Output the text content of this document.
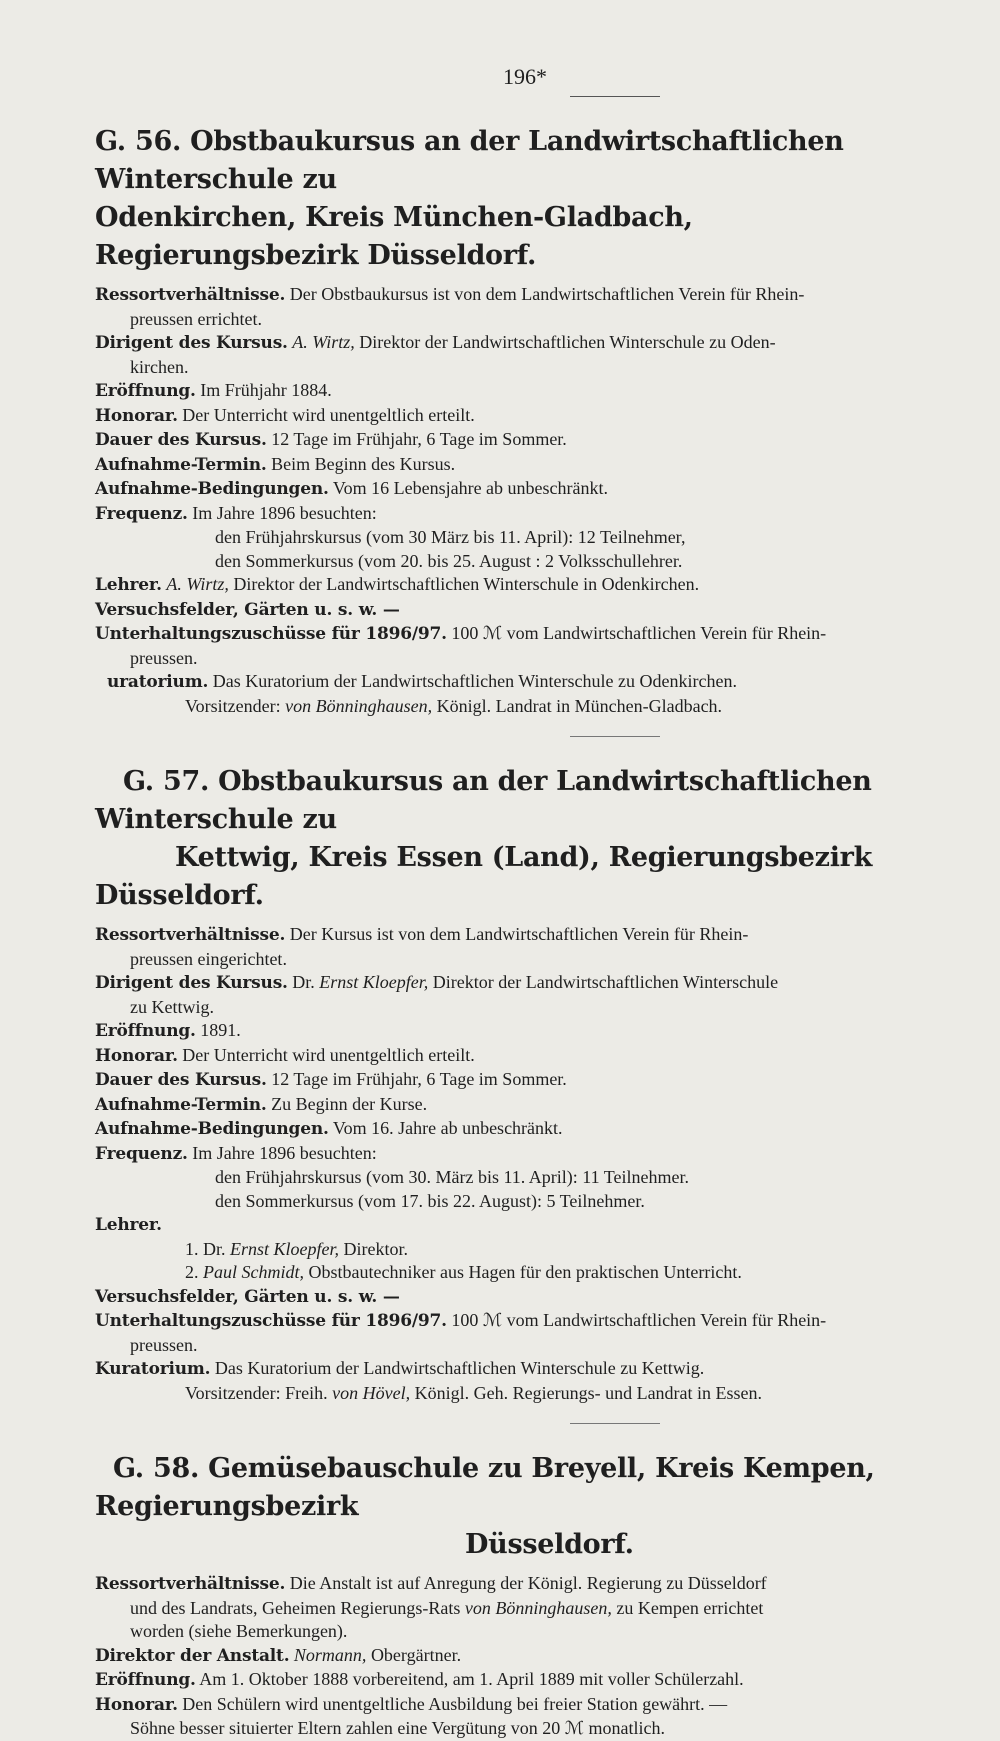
196*

G. 56. Obstbaukursus an der Landwirtschaftlichen Winterschule zu
Odenkirchen, Kreis München-Gladbach, Regierungsbezirk Düsseldorf.

Ressortverhältnisse. Der Obstbaukursus ist von dem Landwirtschaftlichen Verein für Rhein-
preussen errichtet.

Dirigent des Kursus. A. Wirtz, Direktor der Landwirtschaftlichen Winterschule zu Oden-
kirchen.

Eröffnung. Im Frühjahr 1884.

Honorar. Der Unterricht wird unentgeltlich erteilt.

Dauer des Kursus. 12 Tage im Frühjahr, 6 Tage im Sommer.

Aufnahme-Termin. Beim Beginn des Kursus.

Aufnahme-Bedingungen. Vom 16 Lebensjahre ab unbeschränkt.

Frequenz. Im Jahre 1896 besuchten:

den Frühjahrskursus (vom 30 März bis 11. April): 12 Teilnehmer,

den Sommerkursus (vom 20. bis 25. August : 2 Volksschullehrer.

Lehrer. A. Wirtz, Direktor der Landwirtschaftlichen Winterschule in Odenkirchen.

Versuchsfelder, Gärten u. s. w. —

Unterhaltungszuschüsse für 1896/97. 100 ℳ vom Landwirtschaftlichen Verein für Rhein-
preussen.

uratorium. Das Kuratorium der Landwirtschaftlichen Winterschule zu Odenkirchen.

Vorsitzender: von Bönninghausen, Königl. Landrat in München-Gladbach.

G. 57. Obstbaukursus an der Landwirtschaftlichen Winterschule zu
Kettwig, Kreis Essen (Land), Regierungsbezirk Düsseldorf.

Ressortverhältnisse. Der Kursus ist von dem Landwirtschaftlichen Verein für Rhein-
preussen eingerichtet.

Dirigent des Kursus. Dr. Ernst Kloepfer, Direktor der Landwirtschaftlichen Winterschule
zu Kettwig.

Eröffnung. 1891.

Honorar. Der Unterricht wird unentgeltlich erteilt.

Dauer des Kursus. 12 Tage im Frühjahr, 6 Tage im Sommer.

Aufnahme-Termin. Zu Beginn der Kurse.

Aufnahme-Bedingungen. Vom 16. Jahre ab unbeschränkt.

Frequenz. Im Jahre 1896 besuchten:

den Frühjahrskursus (vom 30. März bis 11. April): 11 Teilnehmer.

den Sommerkursus (vom 17. bis 22. August): 5 Teilnehmer.

Lehrer.

1. Dr. Ernst Kloepfer, Direktor.

2. Paul Schmidt, Obstbautechniker aus Hagen für den praktischen Unterricht.

Versuchsfelder, Gärten u. s. w. —

Unterhaltungszuschüsse für 1896/97. 100 ℳ vom Landwirtschaftlichen Verein für Rhein-
preussen.

Kuratorium. Das Kuratorium der Landwirtschaftlichen Winterschule zu Kettwig.

Vorsitzender: Freih. von Hövel, Königl. Geh. Regierungs- und Landrat in Essen.

G. 58. Gemüsebauschule zu Breyell, Kreis Kempen, Regierungsbezirk
Düsseldorf.

Ressortverhältnisse. Die Anstalt ist auf Anregung der Königl. Regierung zu Düsseldorf
und des Landrats, Geheimen Regierungs-Rats von Bönninghausen, zu Kempen errichtet
worden (siehe Bemerkungen).

Direktor der Anstalt. Normann, Obergärtner.

Eröffnung. Am 1. Oktober 1888 vorbereitend, am 1. April 1889 mit voller Schülerzahl.

Honorar. Den Schülern wird unentgeltliche Ausbildung bei freier Station gewährt. —
Söhne besser situierter Eltern zahlen eine Vergütung von 20 ℳ monatlich.
